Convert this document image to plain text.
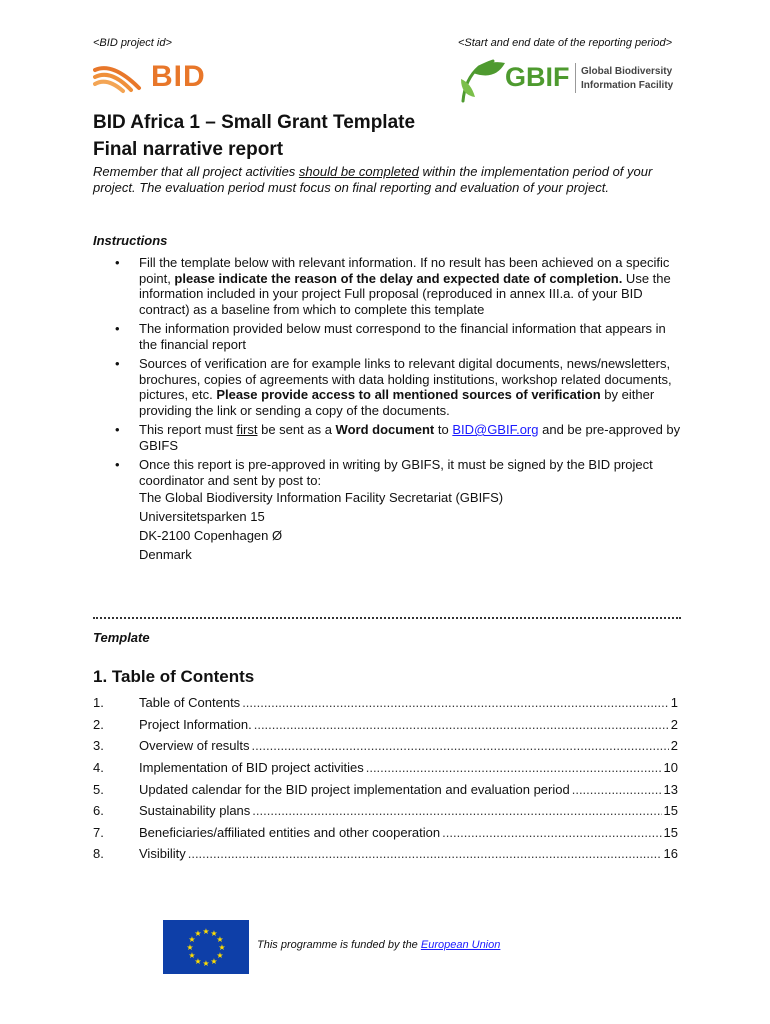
<BID project id>	<Start and end date of the reporting period>
BID	GBIF Global Biodiversity
Information Facility
BID Africa 1 – Small Grant Template
Final narrative report
Remember that all project activities should be completed within the implementation period of your project. The evaluation period must focus on final reporting and evaluation of your project.
Instructions
• Fill the template below with relevant information. If no result has been achieved on a specific point, please indicate the reason of the delay and expected date of completion. Use the information included in your project Full proposal (reproduced in annex III.a. of your BID contract) as a baseline from which to complete this template
• The information provided below must correspond to the financial information that appears in the financial report
• Sources of verification are for example links to relevant digital documents, news/newsletters, brochures, copies of agreements with data holding institutions, workshop related documents, pictures, etc. Please provide access to all mentioned sources of verification by either providing the link or sending a copy of the documents.
• This report must first be sent as a Word document to BID@GBIF.org and be pre-approved by GBIFS
• Once this report is pre-approved in writing by GBIFS, it must be signed by the BID project coordinator and sent by post to:
The Global Biodiversity Information Facility Secretariat (GBIFS)
Universitetsparken 15
DK-2100 Copenhagen Ø
Denmark
Template
1. Table of Contents
1.	Table of Contents .....	1
2.	Project Information. .....	2
3.	Overview of results .....	2
4.	Implementation of BID project activities .....	10
5.	Updated calendar for the BID project implementation and evaluation period .....	13
6.	Sustainability plans .....	15
7.	Beneficiaries/affiliated entities and other cooperation .....	15
8.	Visibility .....	16
★ ★
★
★
★
★
★
★
★
★
★
★
This programme is funded by the European Union
